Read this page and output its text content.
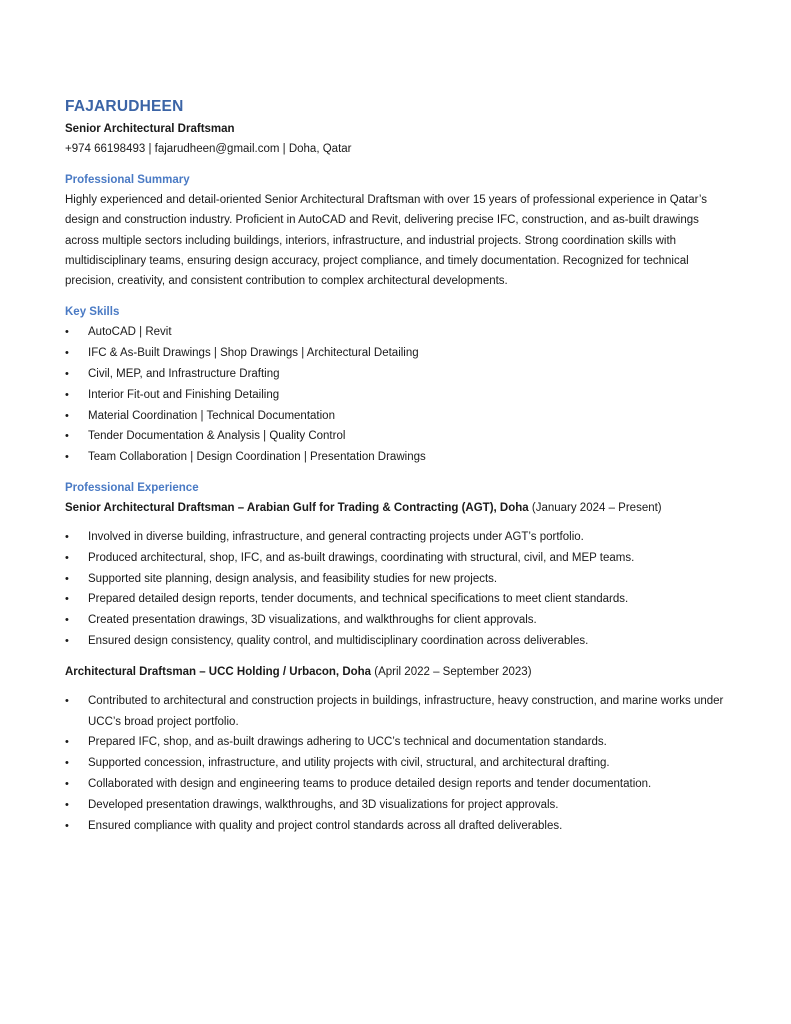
FAJARUDHEEN
Senior Architectural Draftsman
+974 66198493 | fajarudheen@gmail.com | Doha, Qatar
Professional Summary
Highly experienced and detail-oriented Senior Architectural Draftsman with over 15 years of professional experience in Qatar’s design and construction industry. Proficient in AutoCAD and Revit, delivering precise IFC, construction, and as-built drawings across multiple sectors including buildings, interiors, infrastructure, and industrial projects. Strong coordination skills with multidisciplinary teams, ensuring design accuracy, project compliance, and timely documentation. Recognized for technical precision, creativity, and consistent contribution to complex architectural developments.
Key Skills
•	AutoCAD | Revit
•	IFC & As-Built Drawings | Shop Drawings | Architectural Detailing
•	Civil, MEP, and Infrastructure Drafting
•	Interior Fit-out and Finishing Detailing
•	Material Coordination | Technical Documentation
•	Tender Documentation & Analysis | Quality Control
•	Team Collaboration | Design Coordination | Presentation Drawings
Professional Experience
Senior Architectural Draftsman – Arabian Gulf for Trading & Contracting (AGT), Doha (January 2024 – Present)
•	Involved in diverse building, infrastructure, and general contracting projects under AGT’s portfolio.
•	Produced architectural, shop, IFC, and as-built drawings, coordinating with structural, civil, and MEP teams.
•	Supported site planning, design analysis, and feasibility studies for new projects.
•	Prepared detailed design reports, tender documents, and technical specifications to meet client standards.
•	Created presentation drawings, 3D visualizations, and walkthroughs for client approvals.
•	Ensured design consistency, quality control, and multidisciplinary coordination across deliverables.
Architectural Draftsman – UCC Holding / Urbacon, Doha (April 2022 – September 2023)
•	Contributed to architectural and construction projects in buildings, infrastructure, heavy construction, and marine works under UCC’s broad project portfolio.
•	Prepared IFC, shop, and as-built drawings adhering to UCC’s technical and documentation standards.
•	Supported concession, infrastructure, and utility projects with civil, structural, and architectural drafting.
•	Collaborated with design and engineering teams to produce detailed design reports and tender documentation.
•	Developed presentation drawings, walkthroughs, and 3D visualizations for project approvals.
•	Ensured compliance with quality and project control standards across all drafted deliverables.
